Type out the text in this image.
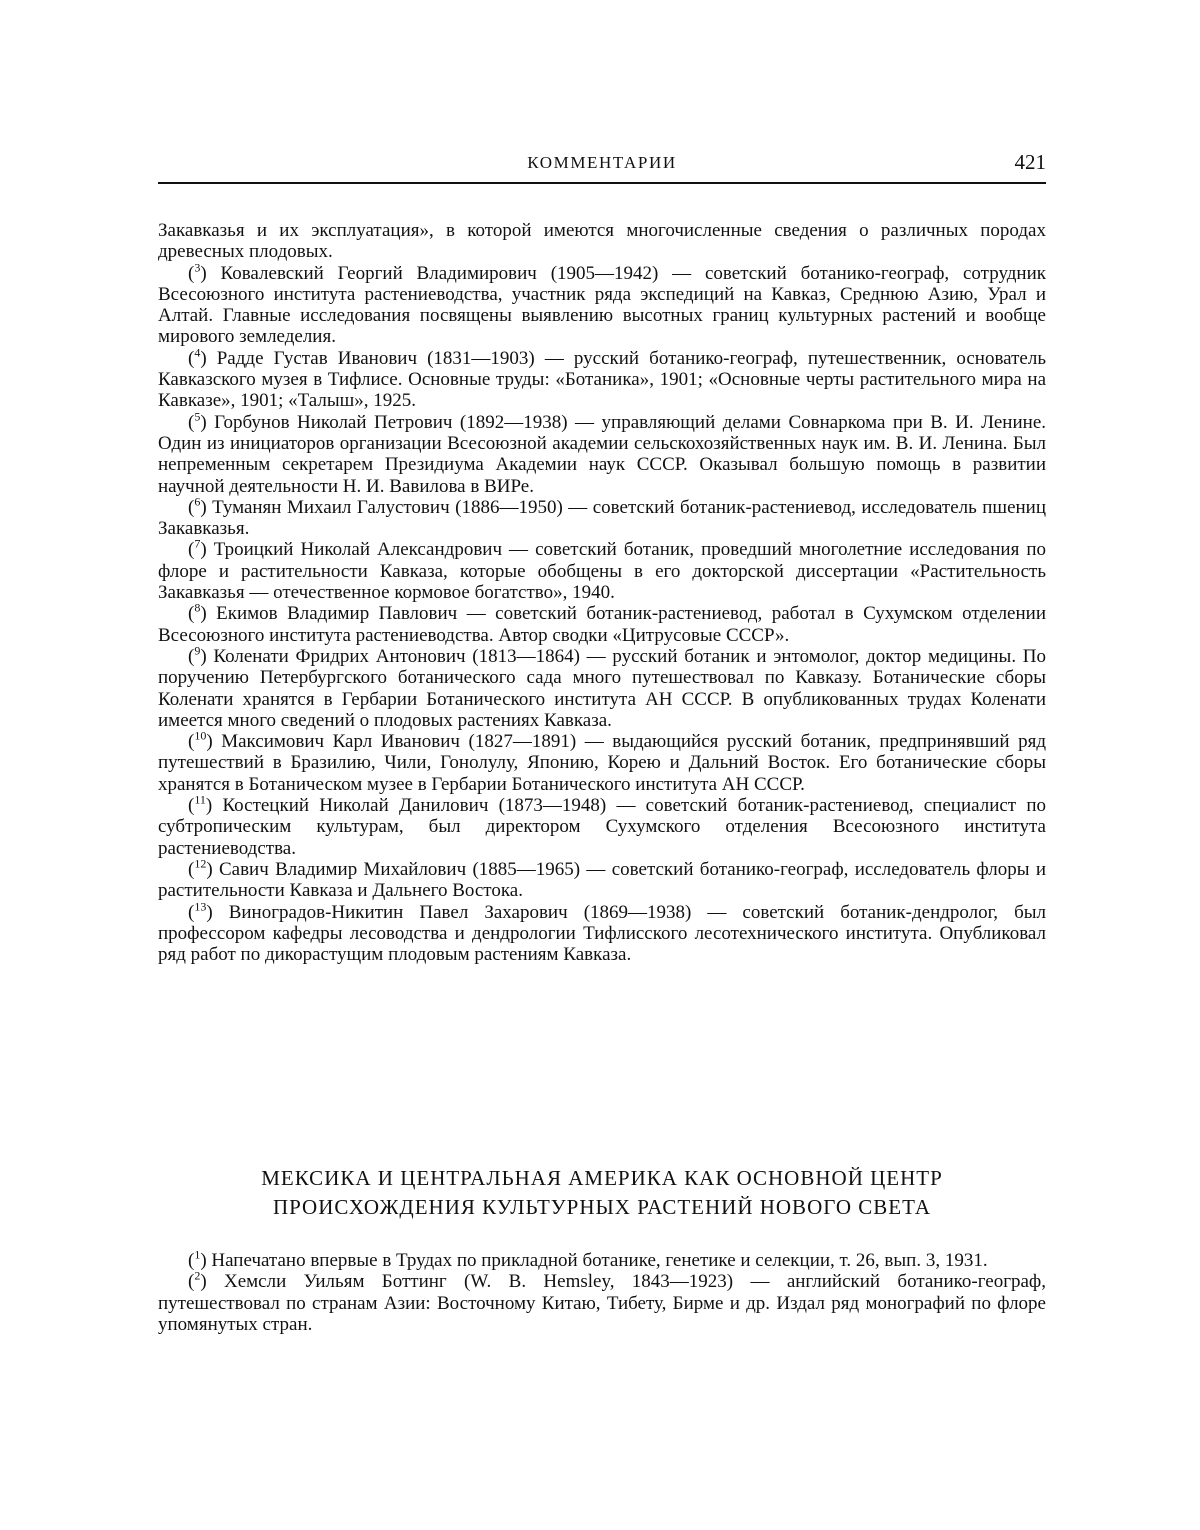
КОММЕНТАРИИ	421

Закавказья и их эксплуатация», в которой имеются многочисленные сведения о различных породах древесных плодовых.

($^3$) Ковалевский Георгий Владимирович (1905—1942) — советский ботанико-географ, сотрудник Всесоюзного института растениеводства, участник ряда экспедиций на Кавказ, Среднюю Азию, Урал и Алтай. Главные исследования посвящены выявлению высотных границ культурных растений и вообще мирового земледелия.

($^4$) Радде Густав Иванович (1831—1903) — русский ботанико-географ, путешественник, основатель Кавказского музея в Тифлисе. Основные труды: «Ботаника», 1901; «Основные черты растительного мира на Кавказе», 1901; «Талыш», 1925.

($^5$) Горбунов Николай Петрович (1892—1938) — управляющий делами Совнаркома при В. И. Ленине. Один из инициаторов организации Всесоюзной академии сельскохозяйственных наук им. В. И. Ленина. Был непременным секретарем Президиума Академии наук СССР. Оказывал большую помощь в развитии научной деятельности Н. И. Вавилова в ВИРе.

($^6$) Туманян Михаил Галустович (1886—1950) — советский ботаник-растениевод, исследователь пшениц Закавказья.

($^7$) Троицкий Николай Александрович — советский ботаник, проведший многолетние исследования по флоре и растительности Кавказа, которые обобщены в его докторской диссертации «Растительность Закавказья — отечественное кормовое богатство», 1940.

($^8$) Екимов Владимир Павлович — советский ботаник-растениевод, работал в Сухумском отделении Всесоюзного института растениеводства. Автор сводки «Цитрусовые СССР».

($^9$) Коленати Фридрих Антонович (1813—1864) — русский ботаник и энтомолог, доктор медицины. По поручению Петербургского ботанического сада много путешествовал по Кавказу. Ботанические сборы Коленати хранятся в Гербарии Ботанического института АН СССР. В опубликованных трудах Коленати имеется много сведений о плодовых растениях Кавказа.

($^{10}$) Максимович Карл Иванович (1827—1891) — выдающийся русский ботаник, предпринявший ряд путешествий в Бразилию, Чили, Гонолулу, Японию, Корею и Дальний Восток. Его ботанические сборы хранятся в Ботаническом музее в Гербарии Ботанического института АН СССР.

($^{11}$) Костецкий Николай Данилович (1873—1948) — советский ботаник-растениевод, специалист по субтропическим культурам, был директором Сухумского отделения Всесоюзного института растениеводства.

($^{12}$) Савич Владимир Михайлович (1885—1965) — советский ботанико-географ, исследователь флоры и растительности Кавказа и Дальнего Востока.

($^{13}$) Виноградов-Никитин Павел Захарович (1869—1938) — советский ботаник-дендролог, был профессором кафедры лесоводства и дендрологии Тифлисского лесотехнического института. Опубликовал ряд работ по дикорастущим плодовым растениям Кавказа.

МЕКСИКА И ЦЕНТРАЛЬНАЯ АМЕРИКА КАК ОСНОВНОЙ ЦЕНТР
ПРОИСХОЖДЕНИЯ КУЛЬТУРНЫХ РАСТЕНИЙ НОВОГО СВЕТА

($^1$) Напечатано впервые в Трудах по прикладной ботанике, генетике и селекции, т. 26, вып. 3, 1931.

($^2$) Хемсли Уильям Боттинг (W. B. Hemsley, 1843—1923) — английский ботанико-географ, путешествовал по странам Азии: Восточному Китаю, Тибету, Бирме и др. Издал ряд монографий по флоре упомянутых стран.
